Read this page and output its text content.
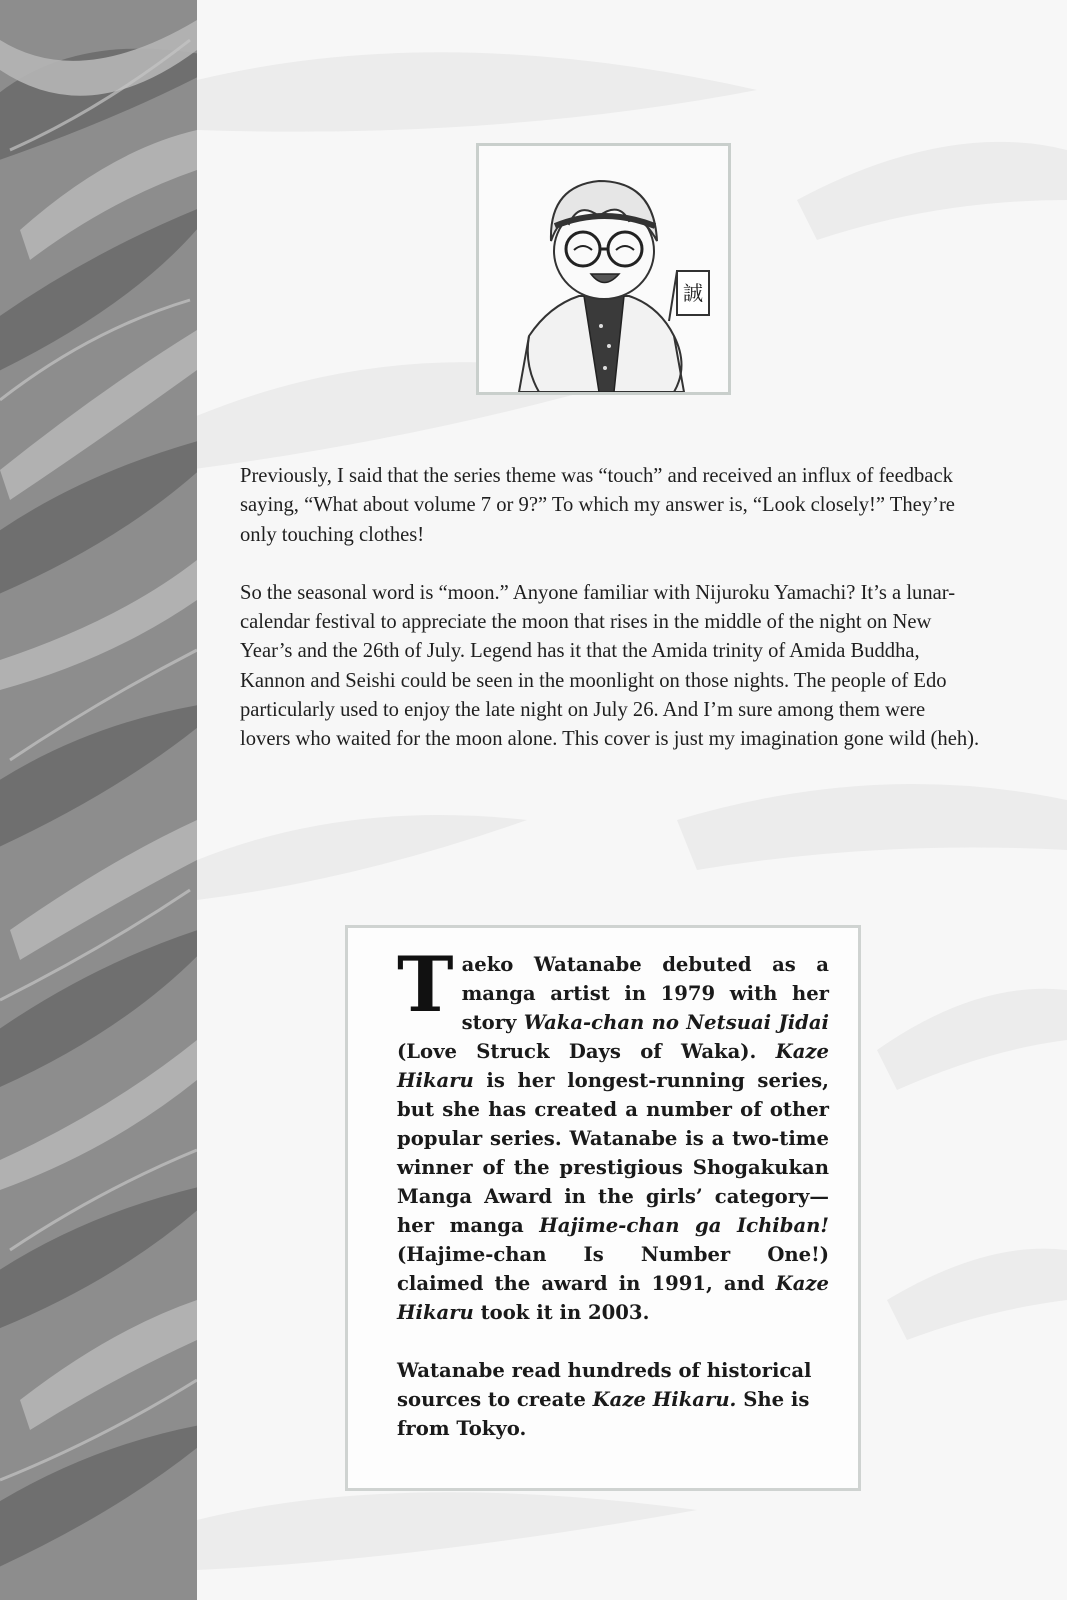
誠

Previously, I said that the series theme was “touch” and received an influx of feedback saying, “What about volume 7 or 9?” To which my answer is, “Look closely!” They’re only touching clothes!

So the seasonal word is “moon.” Anyone familiar with Nijuroku Yamachi? It’s a lunar-calendar festival to appreciate the moon that rises in the middle of the night on New Year’s and the 26th of July. Legend has it that the Amida trinity of Amida Buddha, Kannon and Seishi could be seen in the moonlight on those nights. The people of Edo particularly used to enjoy the late night on July 26. And I’m sure among them were lovers who waited for the moon alone. This cover is just my imagination gone wild (heh).

Taeko Watanabe debuted as a manga artist in 1979 with her story Waka-chan no Netsuai Jidai (Love Struck Days of Waka). Kaze Hikaru is her longest-running series, but she has created a number of other popular series. Watanabe is a two-time winner of the prestigious Shogakukan Manga Award in the girls’ category—her manga Hajime-chan ga Ichiban! (Hajime-chan Is Number One!) claimed the award in 1991, and Kaze Hikaru took it in 2003.

Watanabe read hundreds of historical sources to create Kaze Hikaru. She is from Tokyo.
